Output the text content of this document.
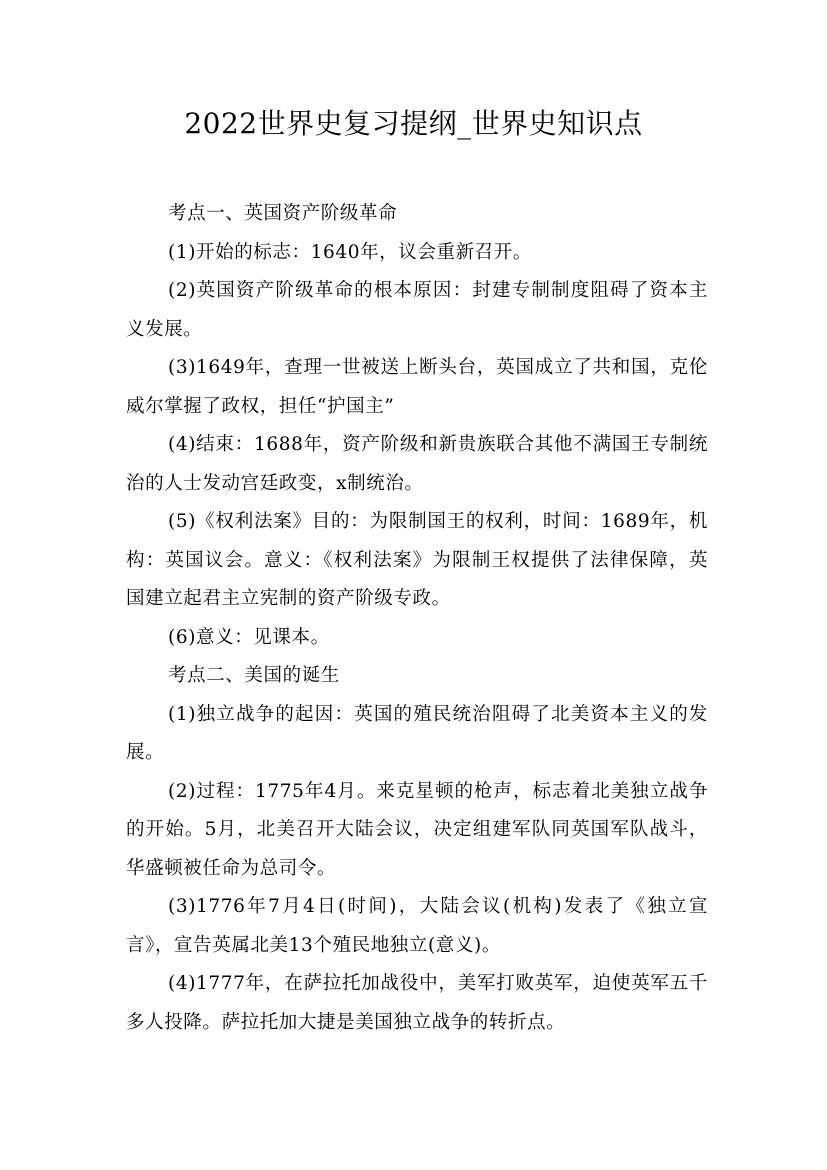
2022世界史复习提纲_世界史知识点

考点一、英国资产阶级革命

(1)开始的标志：1640年，议会重新召开。

(2)英国资产阶级革命的根本原因：封建专制制度阻碍了资本主义发展。

(3)1649年，查理一世被送上断头台，英国成立了共和国，克伦威尔掌握了政权，担任“护国主”

(4)结束：1688年，资产阶级和新贵族联合其他不满国王专制统治的人士发动宫廷政变，x制统治。

(5)《权利法案》目的：为限制国王的权利，时间：1689年，机构：英国议会。意义：《权利法案》为限制王权提供了法律保障，英国建立起君主立宪制的资产阶级专政。

(6)意义：见课本。

考点二、美国的诞生

(1)独立战争的起因：英国的殖民统治阻碍了北美资本主义的发展。

(2)过程：1775年4月。来克星顿的枪声，标志着北美独立战争的开始。5月，北美召开大陆会议，决定组建军队同英国军队战斗，华盛顿被任命为总司令。

(3)1776年7月4日(时间)，大陆会议(机构)发表了《独立宣言》，宣告英属北美13个殖民地独立(意义)。

(4)1777年，在萨拉托加战役中，美军打败英军，迫使英军五千多人投降。萨拉托加大捷是美国独立战争的转折点。
